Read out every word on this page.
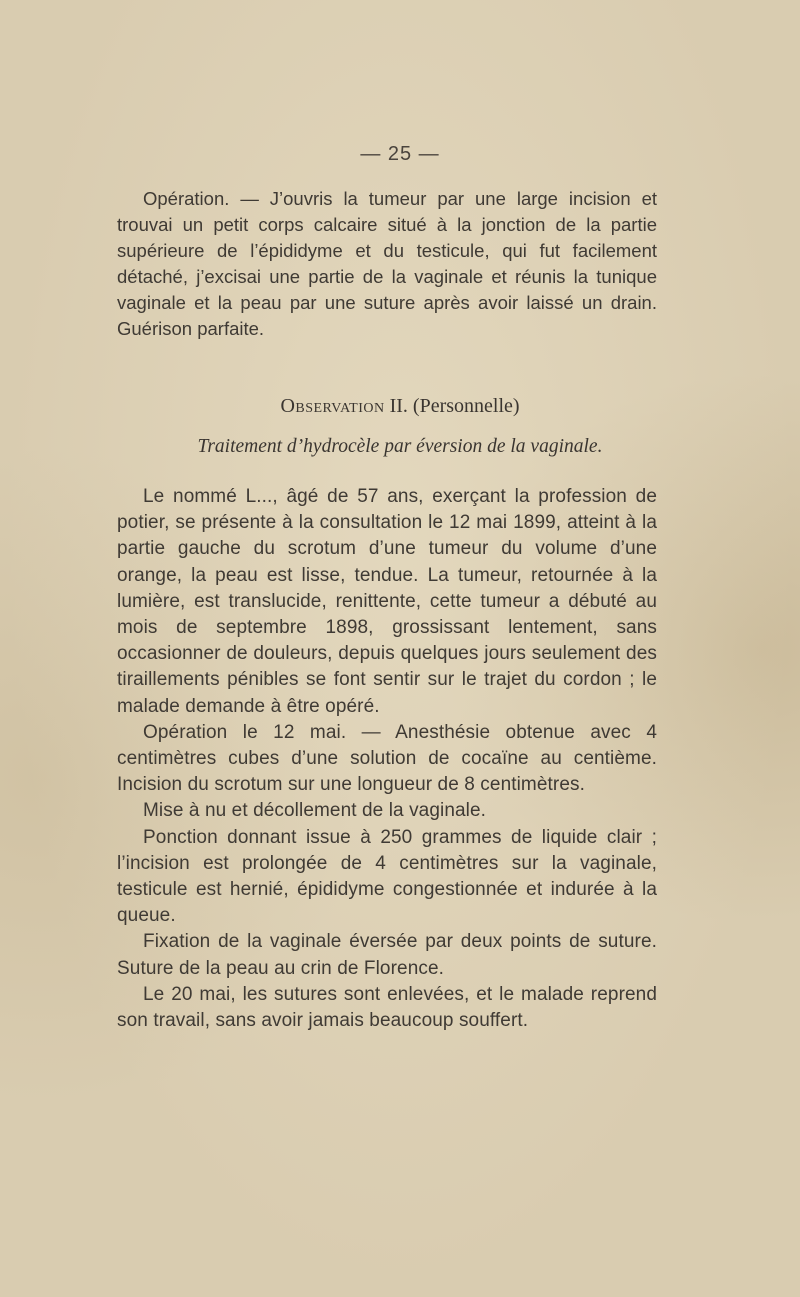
— 25 —

Opération. — J’ouvris la tumeur par une large incision et trouvai un petit corps calcaire situé à la jonction de la partie supérieure de l’épididyme et du testicule, qui fut facilement détaché, j’excisai une partie de la vaginale et réunis la tunique vaginale et la peau par une suture après avoir laissé un drain. Guérison parfaite.

Observation II. (Personnelle)
Traitement d’hydrocèle par éversion de la vaginale.

Le nommé L..., âgé de 57 ans, exerçant la profession de potier, se présente à la consultation le 12 mai 1899, atteint à la partie gauche du scrotum d’une tumeur du volume d’une orange, la peau est lisse, tendue. La tumeur, retournée à la lumière, est translucide, renittente, cette tumeur a débuté au mois de septembre 1898, grossissant lentement, sans occasionner de douleurs, depuis quelques jours seulement des tiraillements pénibles se font sentir sur le trajet du cordon ; le malade demande à être opéré.

Opération le 12 mai. — Anesthésie obtenue avec 4 centimètres cubes d’une solution de cocaïne au centième. Incision du scrotum sur une longueur de 8 centimètres.

Mise à nu et décollement de la vaginale.

Ponction donnant issue à 250 grammes de liquide clair ; l’incision est prolongée de 4 centimètres sur la vaginale, testicule est hernié, épididyme congestionnée et indurée à la queue.

Fixation de la vaginale éversée par deux points de suture. Suture de la peau au crin de Florence.

Le 20 mai, les sutures sont enlevées, et le malade reprend son travail, sans avoir jamais beaucoup souffert.
